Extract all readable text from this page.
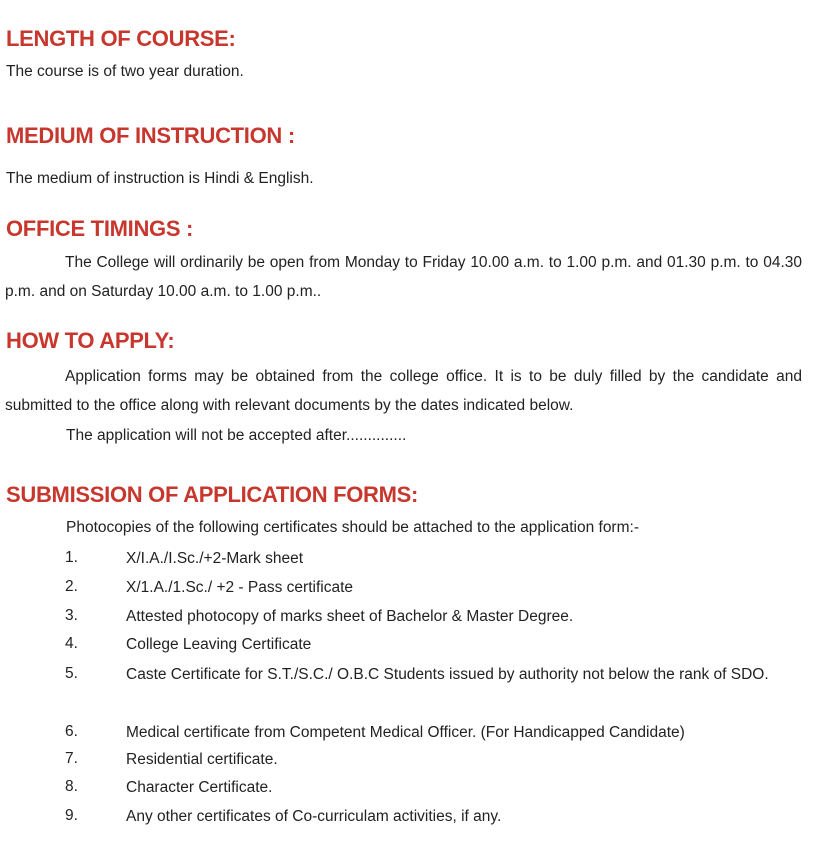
LENGTH OF COURSE:

The course is of two year duration.

MEDIUM OF INSTRUCTION :

The medium of instruction is Hindi & English.

OFFICE TIMINGS :

The College will ordinarily be open from Monday to Friday 10.00 a.m. to 1.00 p.m. and 01.30 p.m. to 04.30 p.m. and on Saturday 10.00 a.m. to 1.00 p.m..

HOW TO APPLY:

Application forms may be obtained from the college office. It is to be duly filled by the candidate and submitted to the office along with relevant documents by the dates indicated below.

The application will not be accepted after..............

SUBMISSION OF APPLICATION FORMS:

Photocopies of the following certificates should be attached to the application form:-

1.	X/I.A./I.Sc./+2-Mark sheet

2.	X/1.A./1.Sc./ +2 - Pass certificate

3.	Attested photocopy of marks sheet of Bachelor & Master Degree.

4.	College Leaving Certificate

5.	Caste Certificate for S.T./S.C./ O.B.C Students issued by authority not below the rank of SDO.

6.	Medical certificate from Competent Medical Officer. (For Handicapped Candidate)

7.	Residential certificate.

8.	Character Certificate.

9.	Any other certificates of Co-curriculam activities, if any.
